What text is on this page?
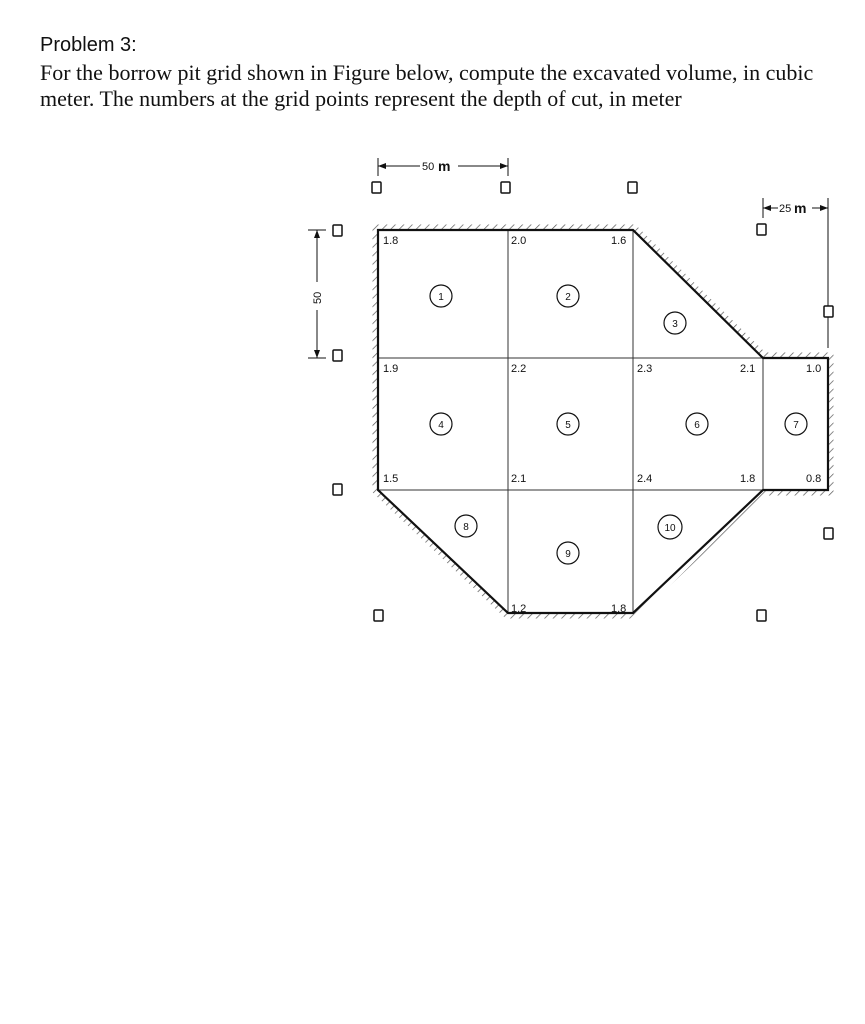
Problem 3:
For the borrow pit grid shown in Figure below, compute the excavated volume, in cubic meter. The numbers at the grid points represent the depth of cut, in meter
50 m
25 m
50
1.8	2.0	1.6
1.9	2.2	2.3	2.1	1.0
1.5	2.1	2.4	1.8	0.8
1.2	1.8
1	2
3
4	5	6	7
8
9
10
